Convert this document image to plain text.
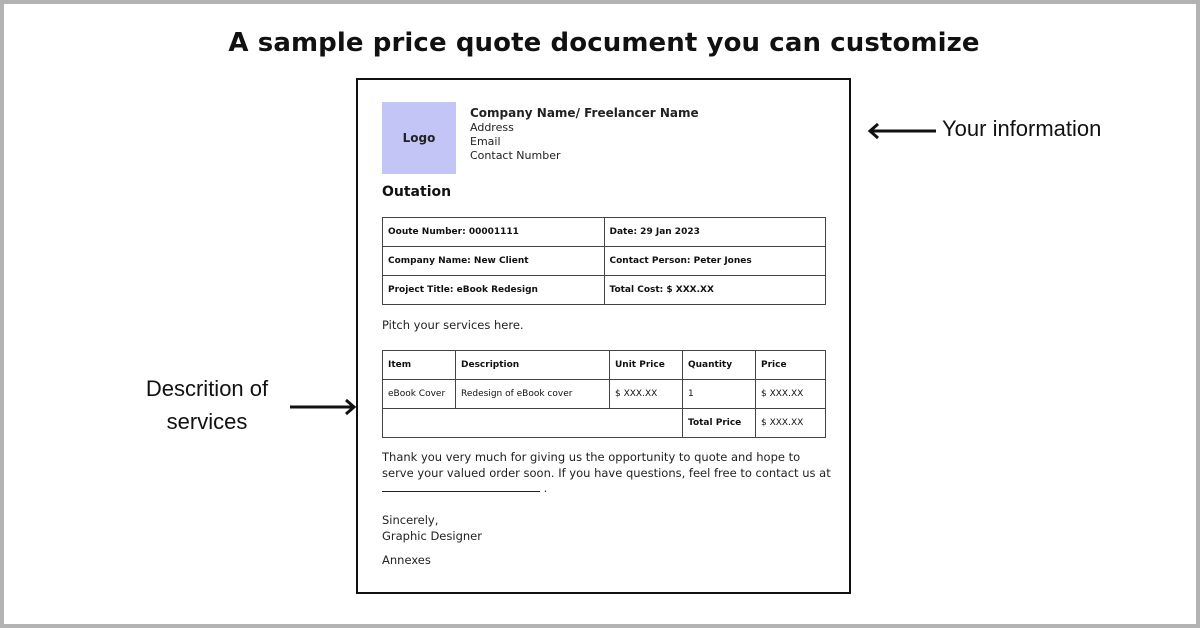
A sample price quote document you can customize
Logo
Company Name/ Freelancer Name
Address
Email
Contact Number
Outation
Ooute Number: 00001111	Date: 29 Jan 2023
Company Name: New Client	Contact Person: Peter Jones
Project Title: eBook Redesign	Total Cost: $ XXX.XX
Pitch your services here.
Item	Description	Unit Price	Quantity	Price
eBook Cover	Redesign of eBook cover	$ XXX.XX	1	$ XXX.XX
			Total Price	$ XXX.XX
Thank you very much for giving us the opportunity to quote and hope to serve your valued order soon. If you have questions, feel free to contact us at  .
Sincerely,
Graphic Designer
Annexes
Your information
Descrition of
services
